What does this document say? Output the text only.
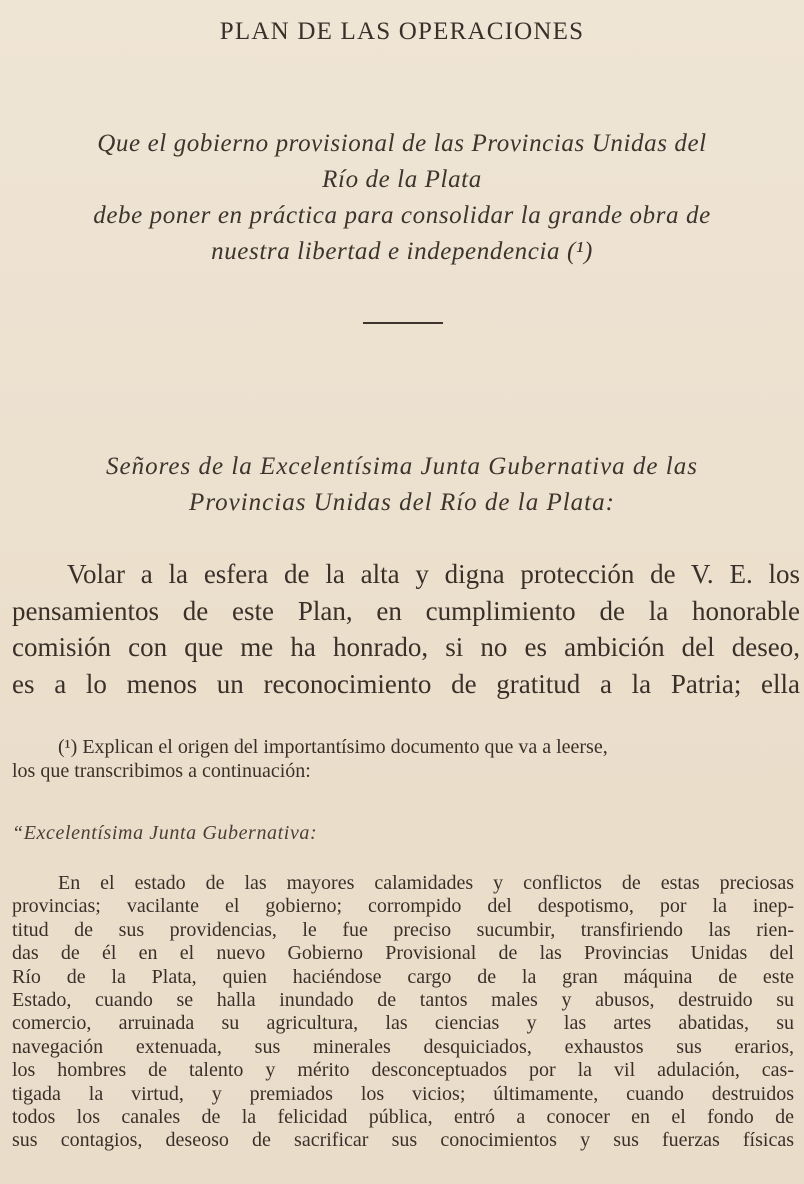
PLAN DE LAS OPERACIONES
Que el gobierno provisional de las Provincias Unidas del
Río de la Plata
debe poner en práctica para consolidar la grande obra de
nuestra libertad e independencia (¹)
Señores de la Excelentísima Junta Gubernativa de las
Provincias Unidas del Río de la Plata:
Volar a la esfera de la alta y digna protección de V. E. los
pensamientos de este Plan, en cumplimiento de la honorable
comisión con que me ha honrado, si no es ambición del deseo,
es a lo menos un reconocimiento de gratitud a la Patria; ella
(¹) Explican el origen del importantísimo documento que va a leerse,
los que transcribimos a continuación:
“Excelentísima Junta Gubernativa:
En el estado de las mayores calamidades y conflictos de estas preciosas
provincias; vacilante el gobierno; corrompido del despotismo, por la inep-
titud de sus providencias, le fue preciso sucumbir, transfiriendo las rien-
das de él en el nuevo Gobierno Provisional de las Provincias Unidas del
Río de la Plata, quien haciéndose cargo de la gran máquina de este
Estado, cuando se halla inundado de tantos males y abusos, destruido su
comercio, arruinada su agricultura, las ciencias y las artes abatidas, su
navegación extenuada, sus minerales desquiciados, exhaustos sus erarios,
los hombres de talento y mérito desconceptuados por la vil adulación, cas-
tigada la virtud, y premiados los vicios; últimamente, cuando destruidos
todos los canales de la felicidad pública, entró a conocer en el fondo de
sus contagios, deseoso de sacrificar sus conocimientos y sus fuerzas físicas
